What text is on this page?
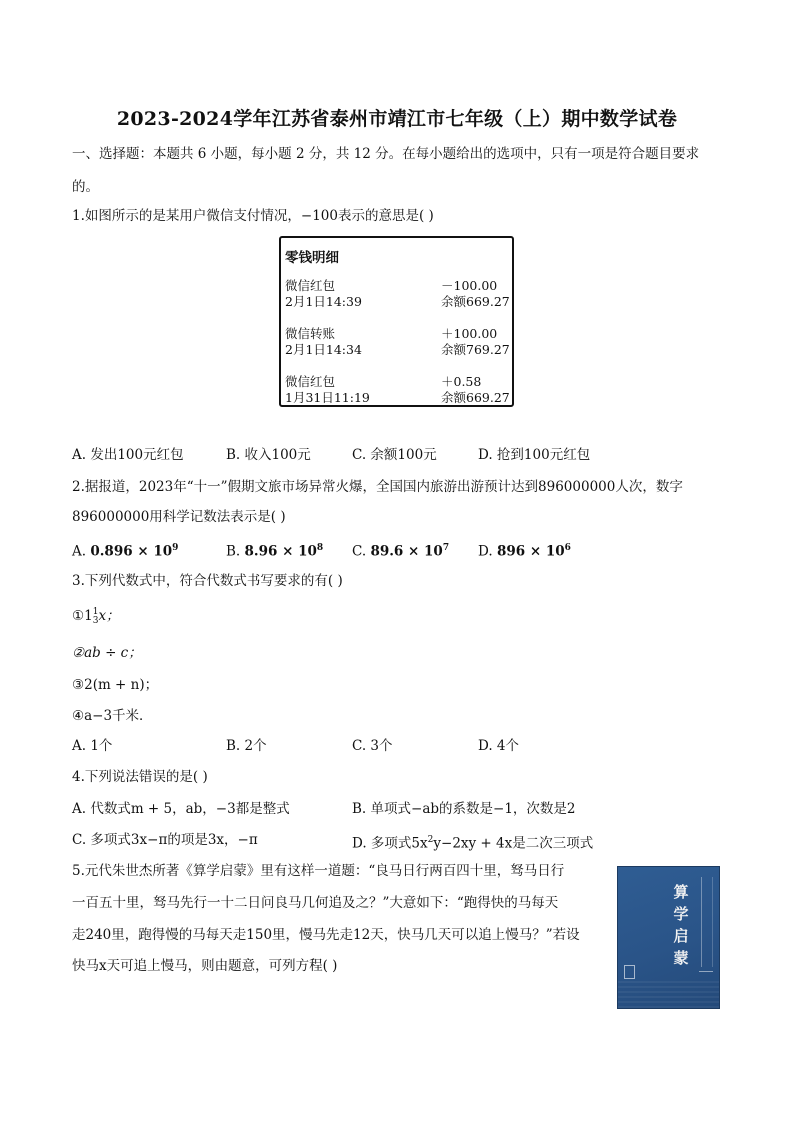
2023-2024学年江苏省泰州市靖江市七年级（上）期中数学试卷
一、选择题：本题共 6 小题，每小题 2 分，共 12 分。在每小题给出的选项中，只有一项是符合题目要求
的。
1.如图所示的是某用户微信支付情况，−100表示的意思是( )
零钱明细
微信红包
2月1日14:39
－100.00
余额669.27
微信转账
2月1日14:34
＋100.00
余额769.27
微信红包
1月31日11:19
＋0.58
余额669.27
A. 发出100元红包	B. 收入100元	C. 余额100元	D. 抢到100元红包
2.据报道，2023年“十一”假期文旅市场异常火爆，全国国内旅游出游预计达到896000000人次，数字
896000000用科学记数法表示是( )
A. $0.896 \times 10^9$	B. $8.96 \times 10^8$ C. $89.6 \times 10^7$ D. $896 \times 10^6$
3.下列代数式中，符合代数式书写要求的有( )
①1 1
3 x；
②ab ÷ c；
③2(m + n)；
④a−3千米．
A. 1个	B. 2个	C. 3个	D. 4个
4.下列说法错误的是( )
A. 代数式m + 5，ab，−3都是整式	B. 单项式−ab的系数是−1，次数是2
C. 多项式3x−π的项是3x，−π	D. 多项式$5x^2y-2xy + 4x$是二次三项式
5.元代朱世杰所著《算学启蒙》里有这样一道题：“良马日行两百四十里，驽马日行
一百五十里，驽马先行一十二日问良马几何追及之？”大意如下：“跑得快的马每天
走240里，跑得慢的马每天走150里，慢马先走12天，快马几天可以追上慢马？”若设
快马x天可追上慢马，则由题意，可列方程( )
算
学
启
蒙
